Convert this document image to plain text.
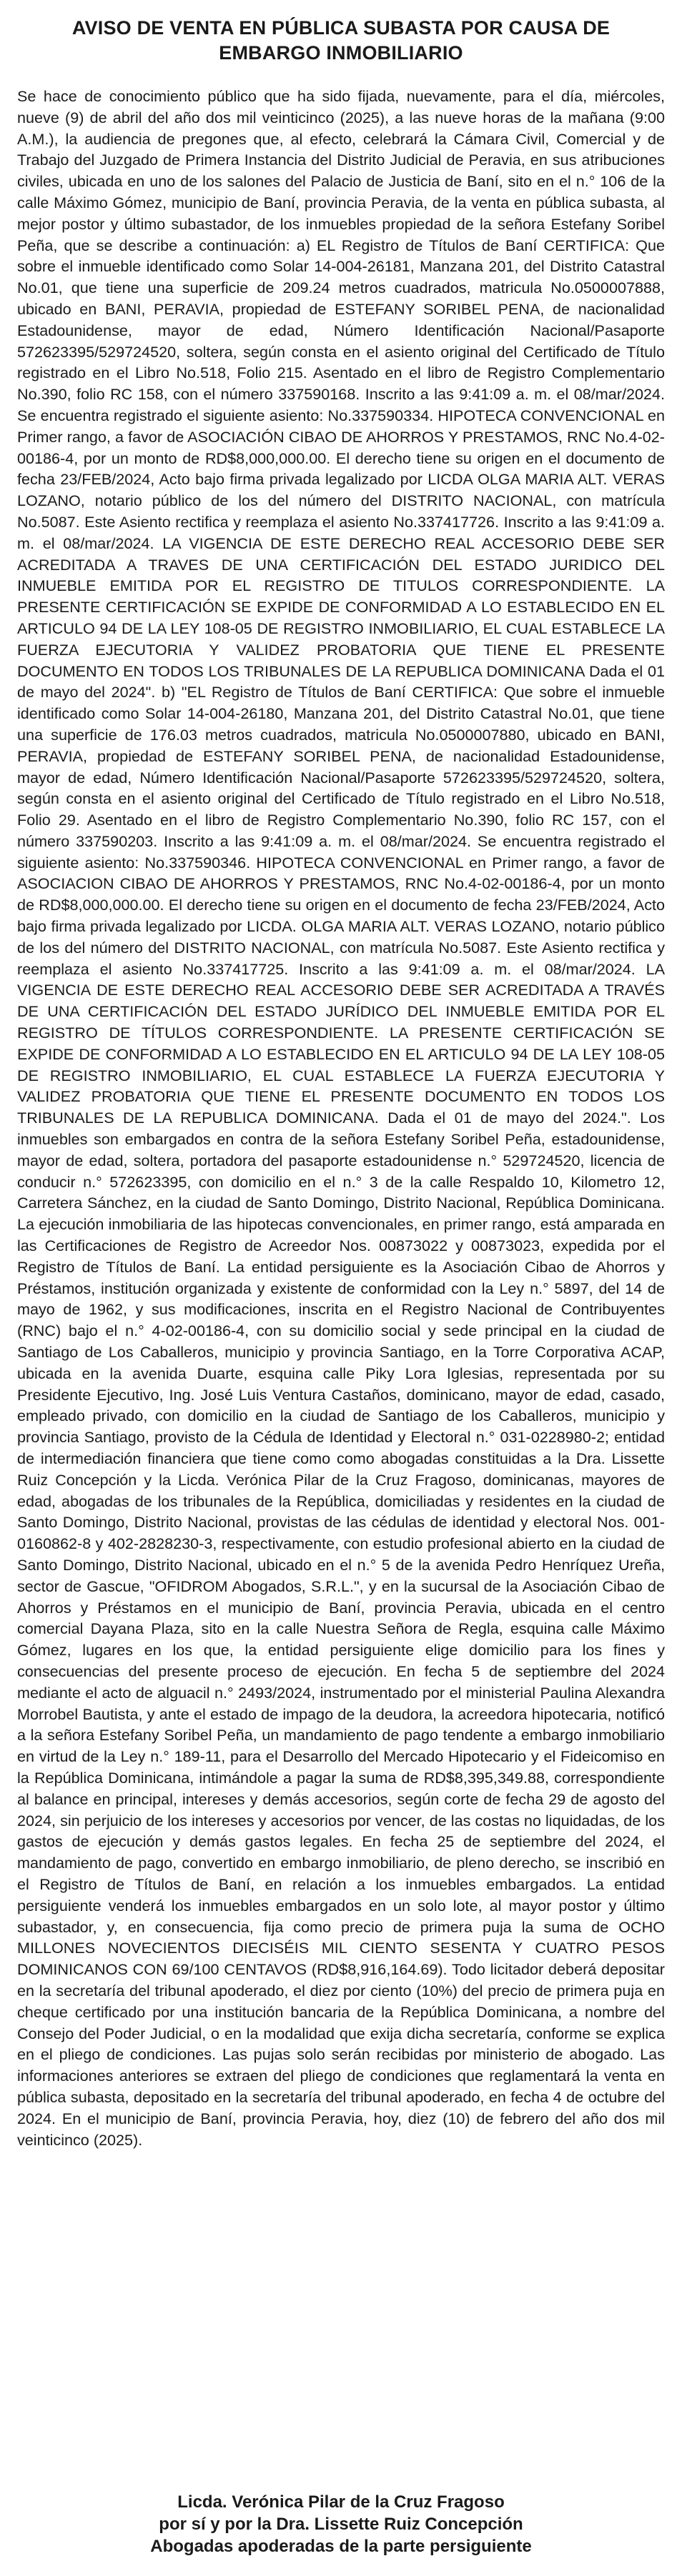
AVISO DE VENTA EN PÚBLICA SUBASTA POR CAUSA DE
EMBARGO INMOBILIARIO

Se hace de conocimiento público que ha sido fijada, nuevamente, para el día, miércoles, nueve (9) de abril del año dos mil veinticinco (2025), a las nueve horas de la mañana (9:00 A.M.), la audiencia de pregones que, al efecto, celebrará la Cámara Civil, Comercial y de Trabajo del Juzgado de Primera Instancia del Distrito Judicial de Peravia, en sus atribuciones civiles, ubicada en uno de los salones del Palacio de Justicia de Baní, sito en el n.° 106 de la calle Máximo Gómez, municipio de Baní, provincia Peravia, de la venta en pública subasta, al mejor postor y último subastador, de los inmuebles propiedad de la señora Estefany Soribel Peña, que se describe a continuación: a) EL Registro de Títulos de Baní CERTIFICA: Que sobre el inmueble identificado como Solar 14-004-26181, Manzana 201, del Distrito Catastral No.01, que tiene una superficie de 209.24 metros cuadrados, matricula No.0500007888, ubicado en BANI, PERAVIA, propiedad de ESTEFANY SORIBEL PENA, de nacionalidad Estadounidense, mayor de edad, Número Identificación Nacional/Pasaporte 572623395/529724520, soltera, según consta en el asiento original del Certificado de Título registrado en el Libro No.518, Folio 215. Asentado en el libro de Registro Complementario No.390, folio RC 158, con el número 337590168. Inscrito a las 9:41:09 a. m. el 08/mar/2024. Se encuentra registrado el siguiente asiento: No.337590334. HIPOTECA CONVENCIONAL en Primer rango, a favor de ASOCIACIÓN CIBAO DE AHORROS Y PRESTAMOS, RNC No.4-02-00186-4, por un monto de RD$8,000,000.00. El derecho tiene su origen en el documento de fecha 23/FEB/2024, Acto bajo firma privada legalizado por LICDA OLGA MARIA ALT. VERAS LOZANO, notario público de los del número del DISTRITO NACIONAL, con matrícula No.5087. Este Asiento rectifica y reemplaza el asiento No.337417726. Inscrito a las 9:41:09 a. m. el 08/mar/2024. LA VIGENCIA DE ESTE DERECHO REAL ACCESORIO DEBE SER ACREDITADA A TRAVES DE UNA CERTIFICACIÓN DEL ESTADO JURIDICO DEL INMUEBLE EMITIDA POR EL REGISTRO DE TITULOS CORRESPONDIENTE. LA PRESENTE CERTIFICACIÓN SE EXPIDE DE CONFORMIDAD A LO ESTABLECIDO EN EL ARTICULO 94 DE LA LEY 108-05 DE REGISTRO INMOBILIARIO, EL CUAL ESTABLECE LA FUERZA EJECUTORIA Y VALIDEZ PROBATORIA QUE TIENE EL PRESENTE DOCUMENTO EN TODOS LOS TRIBUNALES DE LA REPUBLICA DOMINICANA Dada el 01 de mayo del 2024". b) "EL Registro de Títulos de Baní CERTIFICA: Que sobre el inmueble identificado como Solar 14-004-26180, Manzana 201, del Distrito Catastral No.01, que tiene una superficie de 176.03 metros cuadrados, matricula No.0500007880, ubicado en BANI, PERAVIA, propiedad de ESTEFANY SORIBEL PENA, de nacionalidad Estadounidense, mayor de edad, Número Identificación Nacional/Pasaporte 572623395/529724520, soltera, según consta en el asiento original del Certificado de Título registrado en el Libro No.518, Folio 29. Asentado en el libro de Registro Complementario No.390, folio RC 157, con el número 337590203. Inscrito a las 9:41:09 a. m. el 08/mar/2024. Se encuentra registrado el siguiente asiento: No.337590346. HIPOTECA CONVENCIONAL en Primer rango, a favor de ASOCIACION CIBAO DE AHORROS Y PRESTAMOS, RNC No.4-02-00186-4, por un monto de RD$8,000,000.00. El derecho tiene su origen en el documento de fecha 23/FEB/2024, Acto bajo firma privada legalizado por LICDA. OLGA MARIA ALT. VERAS LOZANO, notario público de los del número del DISTRITO NACIONAL, con matrícula No.5087. Este Asiento rectifica y reemplaza el asiento No.337417725. Inscrito a las 9:41:09 a. m. el 08/mar/2024. LA VIGENCIA DE ESTE DERECHO REAL ACCESORIO DEBE SER ACREDITADA A TRAVÉS DE UNA CERTIFICACIÓN DEL ESTADO JURÍDICO DEL INMUEBLE EMITIDA POR EL REGISTRO DE TÍTULOS CORRESPONDIENTE. LA PRESENTE CERTIFICACIÓN SE EXPIDE DE CONFORMIDAD A LO ESTABLECIDO EN EL ARTICULO 94 DE LA LEY 108-05 DE REGISTRO INMOBILIARIO, EL CUAL ESTABLECE LA FUERZA EJECUTORIA Y VALIDEZ PROBATORIA QUE TIENE EL PRESENTE DOCUMENTO EN TODOS LOS TRIBUNALES DE LA REPUBLICA DOMINICANA. Dada el 01 de mayo del 2024.". Los inmuebles son embargados en contra de la señora Estefany Soribel Peña, estadounidense, mayor de edad, soltera, portadora del pasaporte estadounidense n.° 529724520, licencia de conducir n.° 572623395, con domicilio en el n.° 3 de la calle Respaldo 10, Kilometro 12, Carretera Sánchez, en la ciudad de Santo Domingo, Distrito Nacional, República Dominicana. La ejecución inmobiliaria de las hipotecas convencionales, en primer rango, está amparada en las Certificaciones de Registro de Acreedor Nos. 00873022 y 00873023, expedida por el Registro de Títulos de Baní. La entidad persiguiente es la Asociación Cibao de Ahorros y Préstamos, institución organizada y existente de conformidad con la Ley n.° 5897, del 14 de mayo de 1962, y sus modificaciones, inscrita en el Registro Nacional de Contribuyentes (RNC) bajo el n.° 4-02-00186-4, con su domicilio social y sede principal en la ciudad de Santiago de Los Caballeros, municipio y provincia Santiago, en la Torre Corporativa ACAP, ubicada en la avenida Duarte, esquina calle Piky Lora Iglesias, representada por su Presidente Ejecutivo, Ing. José Luis Ventura Castaños, dominicano, mayor de edad, casado, empleado privado, con domicilio en la ciudad de Santiago de los Caballeros, municipio y provincia Santiago, provisto de la Cédula de Identidad y Electoral n.° 031-0228980-2; entidad de intermediación financiera que tiene como como abogadas constituidas a la Dra. Lissette Ruiz Concepción y la Licda. Verónica Pilar de la Cruz Fragoso, dominicanas, mayores de edad, abogadas de los tribunales de la República, domiciliadas y residentes en la ciudad de Santo Domingo, Distrito Nacional, provistas de las cédulas de identidad y electoral Nos. 001-0160862-8 y 402-2828230-3, respectivamente, con estudio profesional abierto en la ciudad de Santo Domingo, Distrito Nacional, ubicado en el n.° 5 de la avenida Pedro Henríquez Ureña, sector de Gascue, "OFIDROM Abogados, S.R.L.", y en la sucursal de la Asociación Cibao de Ahorros y Préstamos en el municipio de Baní, provincia Peravia, ubicada en el centro comercial Dayana Plaza, sito en la calle Nuestra Señora de Regla, esquina calle Máximo Gómez, lugares en los que, la entidad persiguiente elige domicilio para los fines y consecuencias del presente proceso de ejecución. En fecha 5 de septiembre del 2024 mediante el acto de alguacil n.° 2493/2024, instrumentado por el ministerial Paulina Alexandra Morrobel Bautista, y ante el estado de impago de la deudora, la acreedora hipotecaria, notificó a la señora Estefany Soribel Peña, un mandamiento de pago tendente a embargo inmobiliario en virtud de la Ley n.° 189-11, para el Desarrollo del Mercado Hipotecario y el Fideicomiso en la República Dominicana, intimándole a pagar la suma de RD$8,395,349.88, correspondiente al balance en principal, intereses y demás accesorios, según corte de fecha 29 de agosto del 2024, sin perjuicio de los intereses y accesorios por vencer, de las costas no liquidadas, de los gastos de ejecución y demás gastos legales. En fecha 25 de septiembre del 2024, el mandamiento de pago, convertido en embargo inmobiliario, de pleno derecho, se inscribió en el Registro de Títulos de Baní, en relación a los inmuebles embargados. La entidad persiguiente venderá los inmuebles embargados en un solo lote, al mayor postor y último subastador, y, en consecuencia, fija como precio de primera puja la suma de OCHO MILLONES NOVECIENTOS DIECISÉIS MIL CIENTO SESENTA Y CUATRO PESOS DOMINICANOS CON 69/100 CENTAVOS (RD$8,916,164.69). Todo licitador deberá depositar en la secretaría del tribunal apoderado, el diez por ciento (10%) del precio de primera puja en cheque certificado por una institución bancaria de la República Dominicana, a nombre del Consejo del Poder Judicial, o en la modalidad que exija dicha secretaría, conforme se explica en el pliego de condiciones. Las pujas solo serán recibidas por ministerio de abogado. Las informaciones anteriores se extraen del pliego de condiciones que reglamentará la venta en pública subasta, depositado en la secretaría del tribunal apoderado, en fecha 4 de octubre del 2024. En el municipio de Baní, provincia Peravia, hoy, diez (10) de febrero del año dos mil veinticinco (2025).

Licda. Verónica Pilar de la Cruz Fragoso
por sí y por la Dra. Lissette Ruiz Concepción
Abogadas apoderadas de la parte persiguiente
